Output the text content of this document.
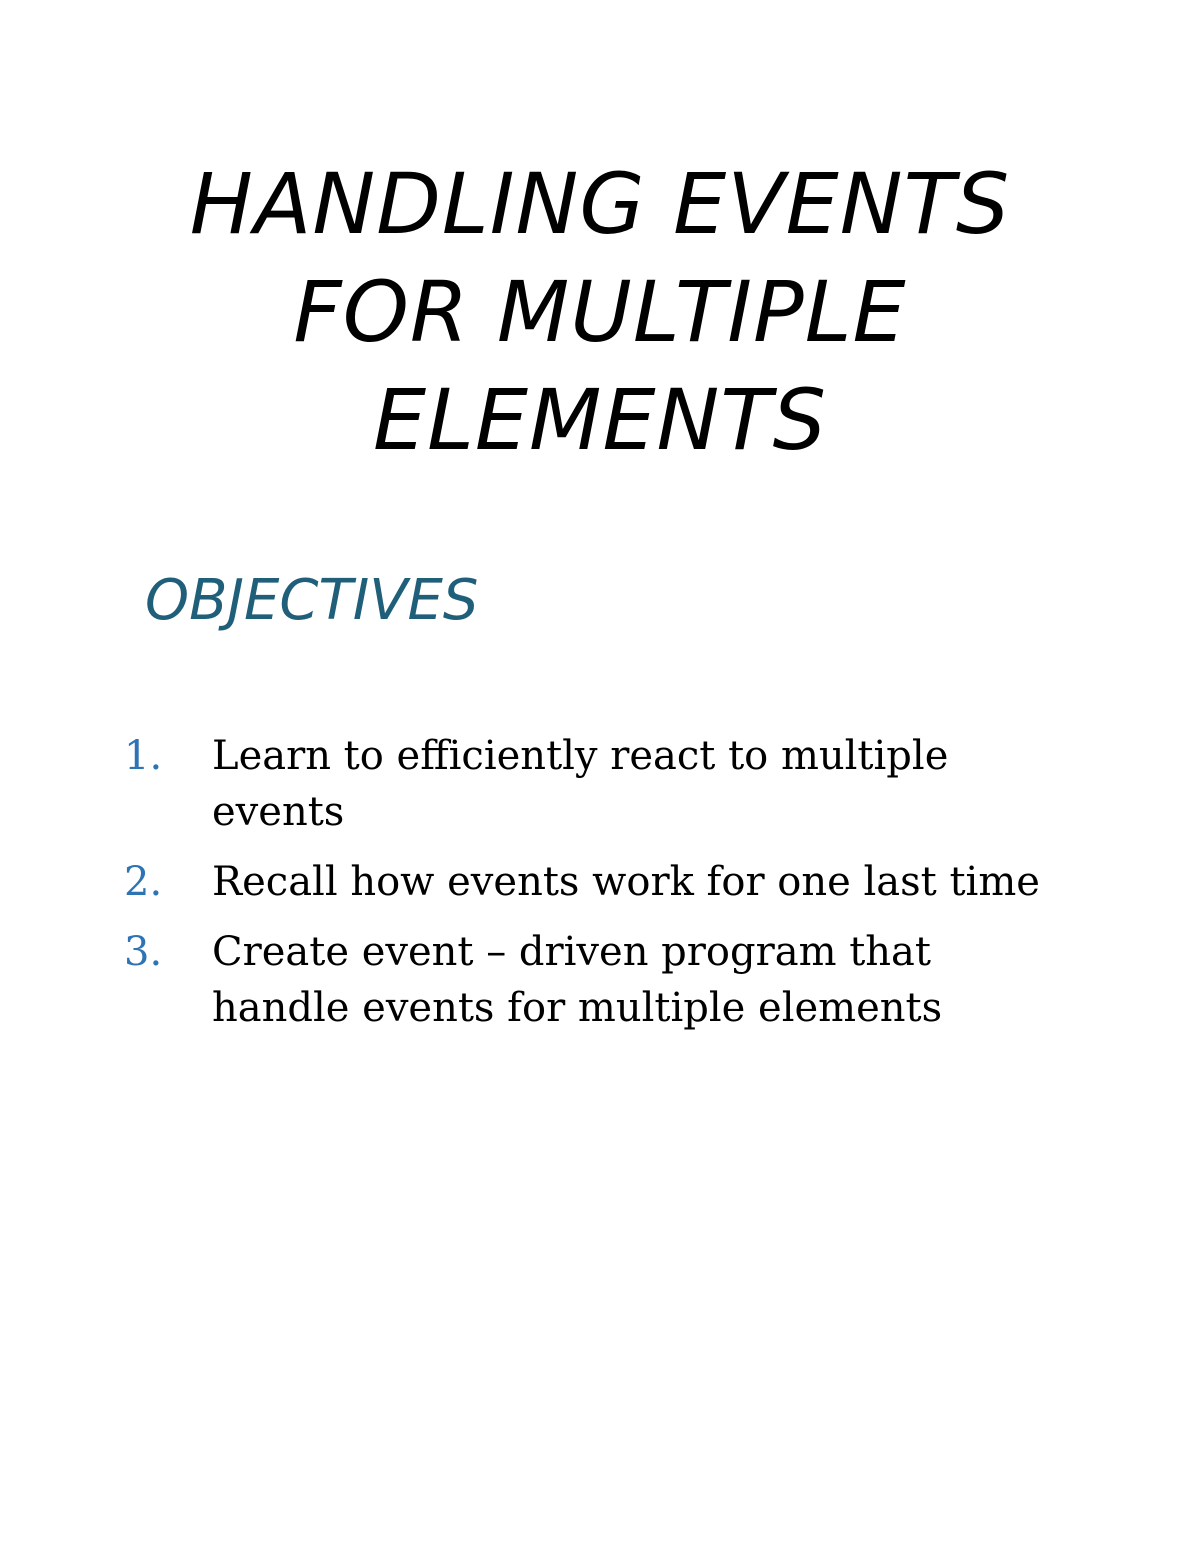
HANDLING EVENTS
FOR MULTIPLE
ELEMENTS
OBJECTIVES
1. Learn to efficiently react to multiple events
2. Recall how events work for one last time
3. Create event – driven program that handle events for multiple elements
